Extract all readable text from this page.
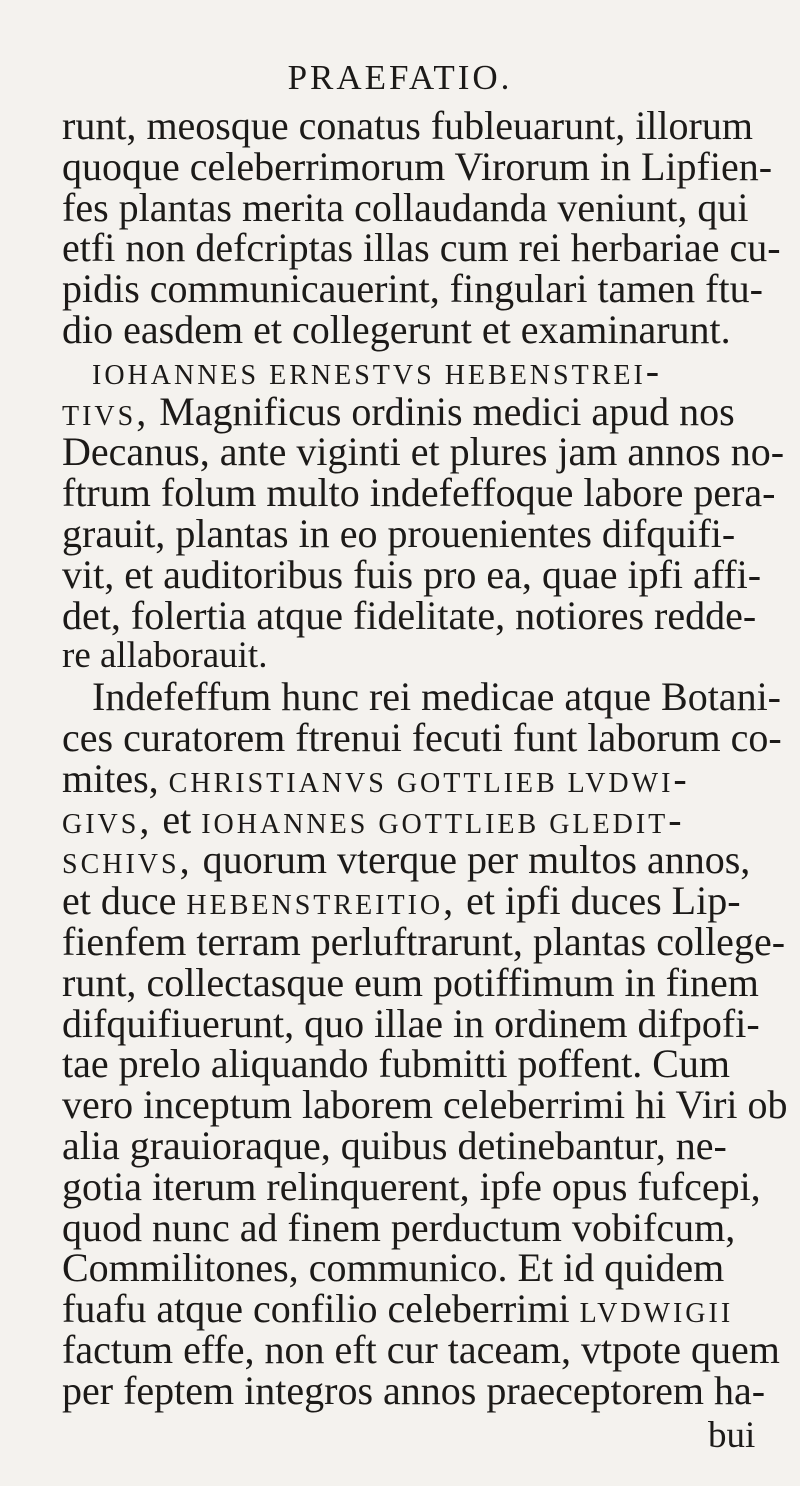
PRAEFATIO.
runt, meosque conatus fubleuarunt, illorum
quoque celeberrimorum Virorum in Lipfien-
fes plantas merita collaudanda veniunt, qui
etfi non defcriptas illas cum rei herbariae cu-
pidis communicauerint, fingulari tamen ftu-
dio easdem et collegerunt et examinarunt.
iohannes ernestvs hebenstrei-
tivs, Magnificus ordinis medici apud nos
Decanus, ante viginti et plures jam annos no-
ftrum folum multo indefeffoque labore pera-
grauit, plantas in eo prouenientes difquifi-
vit, et auditoribus fuis pro ea, quae ipfi affi-
det, folertia atque fidelitate, notiores redde-
re allaborauit.
Indefeffum hunc rei medicae atque Botani-
ces curatorem ftrenui fecuti funt laborum co-
mites, christianvs gottlieb lvdwi-
givs, et iohannes gottlieb gledit-
schivs, quorum vterque per multos annos,
et duce hebenstreitio, et ipfi duces Lip-
fienfem terram perluftrarunt, plantas college-
runt, collectasque eum potiffimum in finem
difquifiuerunt, quo illae in ordinem difpofi-
tae prelo aliquando fubmitti poffent. Cum
vero inceptum laborem celeberrimi hi Viri ob
alia grauioraque, quibus detinebantur, ne-
gotia iterum relinquerent, ipfe opus fufcepi,
quod nunc ad finem perductum vobifcum,
Commilitones, communico. Et id quidem
fuafu atque confilio celeberrimi lvdwigii
factum effe, non eft cur taceam, vtpote quem
per feptem integros annos praeceptorem ha-
bui
